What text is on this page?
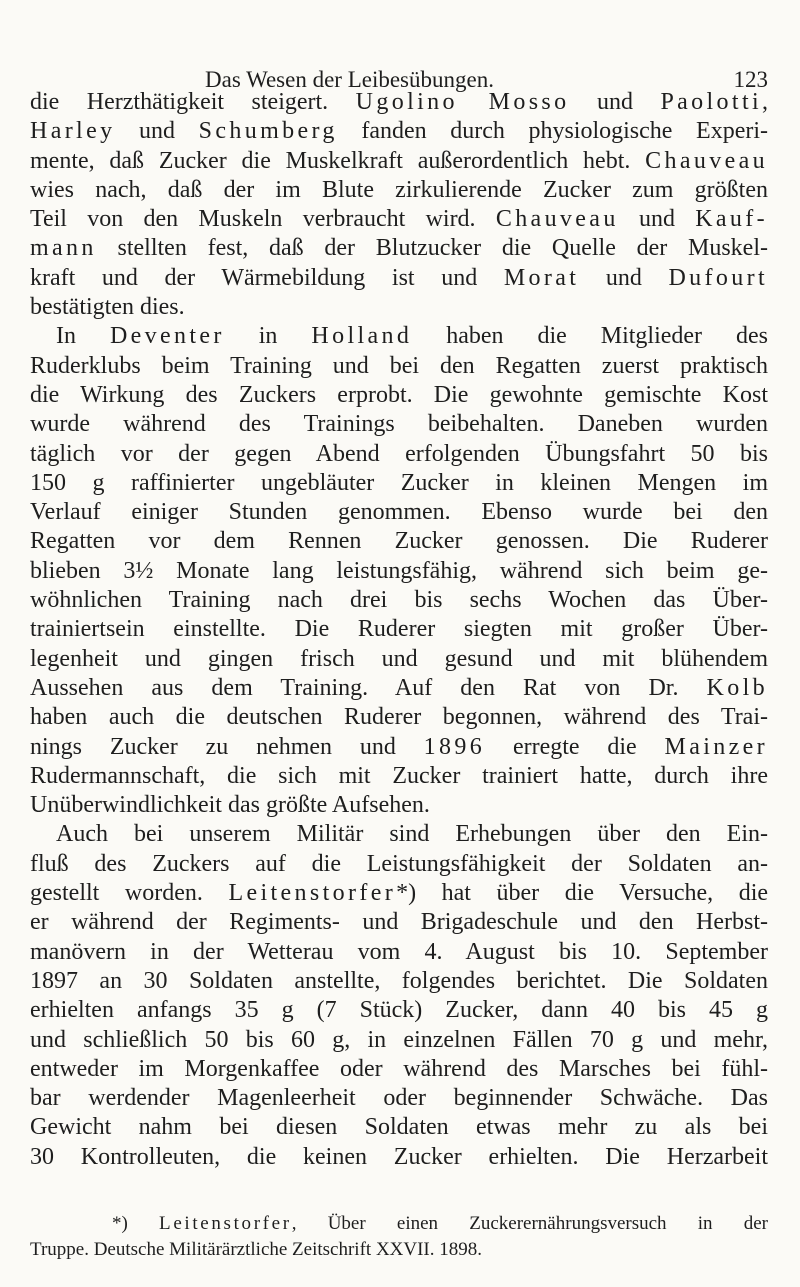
Das Wesen der Leibesübungen.	123
die Herzthätigkeit steigert. Ugolino Mosso und Paolotti,
Harley und Schumberg fanden durch physiologische Experi-
mente, daß Zucker die Muskelkraft außerordentlich hebt. Chauveau
wies nach, daß der im Blute zirkulierende Zucker zum größten
Teil von den Muskeln verbraucht wird. Chauveau und Kauf-
mann stellten fest, daß der Blutzucker die Quelle der Muskel-
kraft und der Wärmebildung ist und Morat und Dufourt
bestätigten dies.
In Deventer in Holland haben die Mitglieder des
Ruderklubs beim Training und bei den Regatten zuerst praktisch
die Wirkung des Zuckers erprobt. Die gewohnte gemischte Kost
wurde während des Trainings beibehalten. Daneben wurden
täglich vor der gegen Abend erfolgenden Übungsfahrt 50 bis
150 g raffinierter ungebläuter Zucker in kleinen Mengen im
Verlauf einiger Stunden genommen. Ebenso wurde bei den
Regatten vor dem Rennen Zucker genossen. Die Ruderer
blieben 3½ Monate lang leistungsfähig, während sich beim ge-
wöhnlichen Training nach drei bis sechs Wochen das Über-
trainiertsein einstellte. Die Ruderer siegten mit großer Über-
legenheit und gingen frisch und gesund und mit blühendem
Aussehen aus dem Training. Auf den Rat von Dr. Kolb
haben auch die deutschen Ruderer begonnen, während des Trai-
nings Zucker zu nehmen und 1896 erregte die Mainzer
Rudermannschaft, die sich mit Zucker trainiert hatte, durch ihre
Unüberwindlichkeit das größte Aufsehen.
Auch bei unserem Militär sind Erhebungen über den Ein-
fluß des Zuckers auf die Leistungsfähigkeit der Soldaten an-
gestellt worden. Leitenstorfer*) hat über die Versuche, die
er während der Regiments- und Brigadeschule und den Herbst-
manövern in der Wetterau vom 4. August bis 10. September
1897 an 30 Soldaten anstellte, folgendes berichtet. Die Soldaten
erhielten anfangs 35 g (7 Stück) Zucker, dann 40 bis 45 g
und schließlich 50 bis 60 g, in einzelnen Fällen 70 g und mehr,
entweder im Morgenkaffee oder während des Marsches bei fühl-
bar werdender Magenleerheit oder beginnender Schwäche. Das
Gewicht nahm bei diesen Soldaten etwas mehr zu als bei
30 Kontrolleuten, die keinen Zucker erhielten. Die Herzarbeit
*) Leitenstorfer, Über einen Zuckerernährungsversuch in der
Truppe. Deutsche Militärärztliche Zeitschrift XXVII. 1898.
